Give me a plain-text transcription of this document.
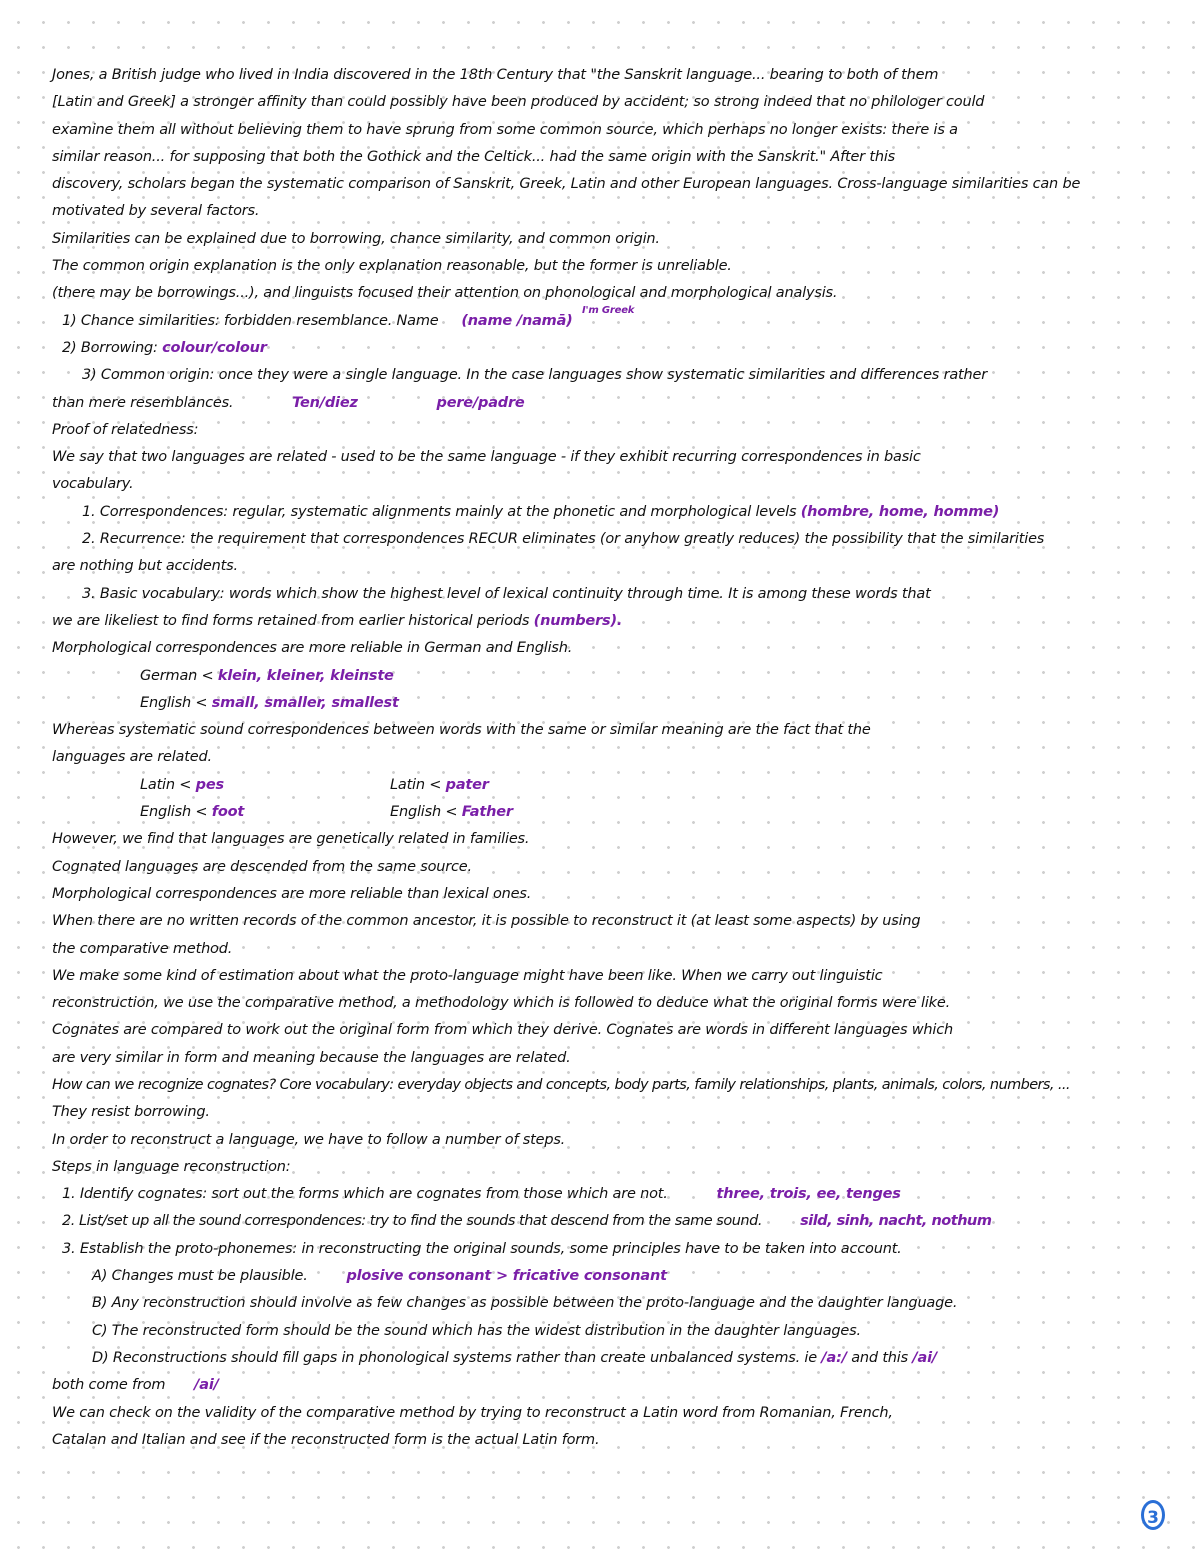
Jones, a British judge who lived in India discovered in the 18th Century that "the Sanskrit language... bearing to both of them
[Latin and Greek] a stronger affinity than could possibly have been produced by accident; so strong indeed that no philologer could
examine them all without believing them to have sprung from some common source, which perhaps no longer exists: there is a
similar reason... for supposing that both the Gothick and the Celtick... had the same origin with the Sanskrit." After this
discovery, scholars began the systematic comparison of Sanskrit, Greek, Latin and other European languages. Cross-language similarities can be
motivated by several factors.
Similarities can be explained due to borrowing, chance similarity, and common origin.
The common origin explanation is the only explanation reasonable, but the former is unreliable.
(there may be borrowings...), and linguists focused their attention on phonological and morphological analysis.
1) Chance similarities: forbidden resemblance. Name (name /namā)
I'm Greek
2) Borrowing: colour/colour
3) Common origin: once they were a single language. In the case languages show systematic similarities and differences rather
than mere resemblances.	Ten/diez	pere/padre
Proof of relatedness:
We say that two languages are related - used to be the same language - if they exhibit recurring correspondences in basic
vocabulary.
1. Correspondences: regular, systematic alignments mainly at the phonetic and morphological levels (hombre, home, homme)
2. Recurrence: the requirement that correspondences RECUR eliminates (or anyhow greatly reduces) the possibility that the similarities
are nothing but accidents.
3. Basic vocabulary: words which show the highest level of lexical continuity through time. It is among these words that
we are likeliest to find forms retained from earlier historical periods (numbers).
Morphological correspondences are more reliable in German and English.
German < klein, kleiner, kleinste
English < small, smaller, smallest
Whereas systematic sound correspondences between words with the same or similar meaning are the fact that the
languages are related.
Latin < pes	Latin < pater
English < foot	English < Father
However, we find that languages are genetically related in families.
Cognated languages are descended from the same source.
Morphological correspondences are more reliable than lexical ones.
When there are no written records of the common ancestor, it is possible to reconstruct it (at least some aspects) by using
the comparative method.
We make some kind of estimation about what the proto-language might have been like. When we carry out linguistic
reconstruction, we use the comparative method, a methodology which is followed to deduce what the original forms were like.
Cognates are compared to work out the original form from which they derive. Cognates are words in different languages which
are very similar in form and meaning because the languages are related.
How can we recognize cognates? Core vocabulary: everyday objects and concepts, body parts, family relationships, plants, animals, colors, numbers, ...
They resist borrowing.
In order to reconstruct a language, we have to follow a number of steps.
Steps in language reconstruction:
1. Identify cognates: sort out the forms which are cognates from those which are not.	three, trois, ee, tenges
2. List/set up all the sound correspondences: try to find the sounds that descend from the same sound.	sild, sinh, nacht, nothum
3. Establish the proto-phonemes: in reconstructing the original sounds, some principles have to be taken into account.
A) Changes must be plausible.	plosive consonant > fricative consonant
B) Any reconstruction should involve as few changes as possible between the proto-language and the daughter language.
C) The reconstructed form should be the sound which has the widest distribution in the daughter languages.
D) Reconstructions should fill gaps in phonological systems rather than create unbalanced systems. ie /a:/ and this /ai/
both come from /ai/
We can check on the validity of the comparative method by trying to reconstruct a Latin word from Romanian, French,
Catalan and Italian and see if the reconstructed form is the actual Latin form.
3
